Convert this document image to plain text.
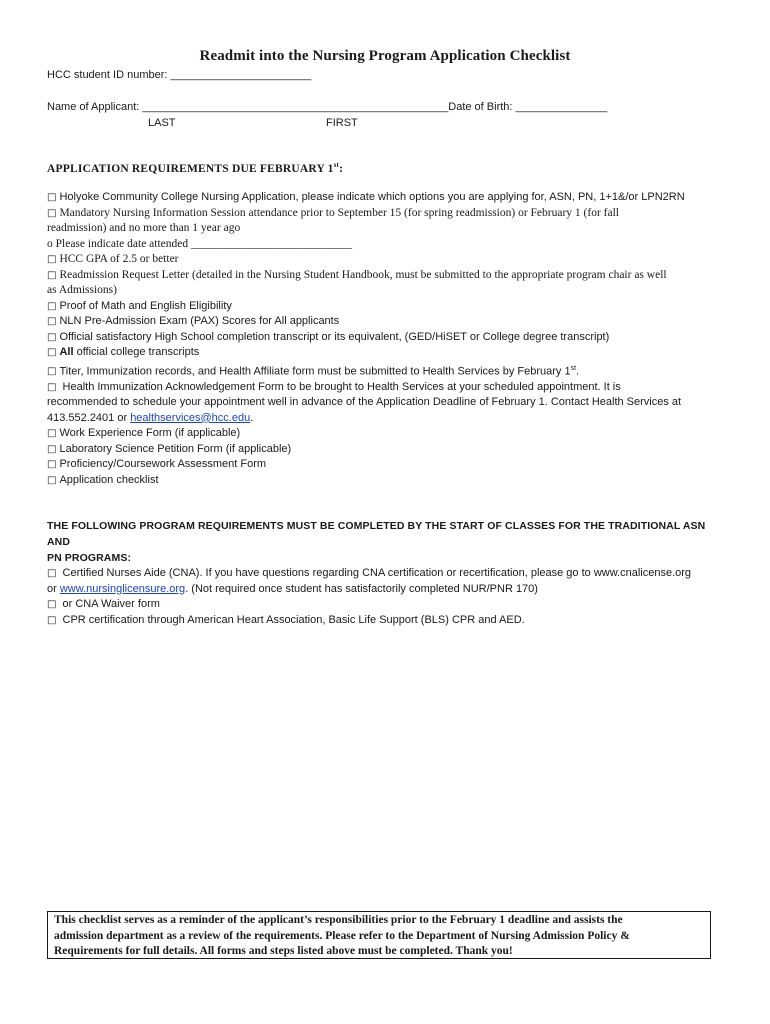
Readmit into the Nursing Program Application Checklist
HCC student ID number: _______________________
Name of Applicant: __________________________________________________Date of Birth: _______________
LAST	FIRST
APPLICATION REQUIREMENTS DUE FEBRUARY 1st:
□ Holyoke Community College Nursing Application, please indicate which options you are applying for, ASN, PN, 1+1&/or LPN2RN
□ Mandatory Nursing Information Session attendance prior to September 15 (for spring readmission) or February 1 (for fall
readmission) and no more than 1 year ago
o Please indicate date attended ____________________________
□ HCC GPA of 2.5 or better
□ Readmission Request Letter (detailed in the Nursing Student Handbook, must be submitted to the appropriate program chair as well
as Admissions)
□ Proof of Math and English Eligibility
□ NLN Pre-Admission Exam (PAX) Scores for All applicants
□ Official satisfactory High School completion transcript or its equivalent, (GED/HiSET or College degree transcript)
□ All official college transcripts
□ Titer, Immunization records, and Health Affiliate form must be submitted to Health Services by February 1st.
□ Health Immunization Acknowledgement Form to be brought to Health Services at your scheduled appointment. It is
recommended to schedule your appointment well in advance of the Application Deadline of February 1. Contact Health Services at
413.552.2401 or healthservices@hcc.edu.
□ Work Experience Form (if applicable)
□ Laboratory Science Petition Form (if applicable)
□ Proficiency/Coursework Assessment Form
□ Application checklist
THE FOLLOWING PROGRAM REQUIREMENTS MUST BE COMPLETED BY THE START OF CLASSES FOR THE TRADITIONAL ASN AND
PN PROGRAMS:
□ Certified Nurses Aide (CNA). If you have questions regarding CNA certification or recertification, please go to www.cnalicense.org
or www.nursinglicensure.org. (Not required once student has satisfactorily completed NUR/PNR 170)
□ or CNA Waiver form
□ CPR certification through American Heart Association, Basic Life Support (BLS) CPR and AED.
This checklist serves as a reminder of the applicant’s responsibilities prior to the February 1 deadline and assists the
admission department as a review of the requirements. Please refer to the Department of Nursing Admission Policy &
Requirements for full details. All forms and steps listed above must be completed. Thank you!
